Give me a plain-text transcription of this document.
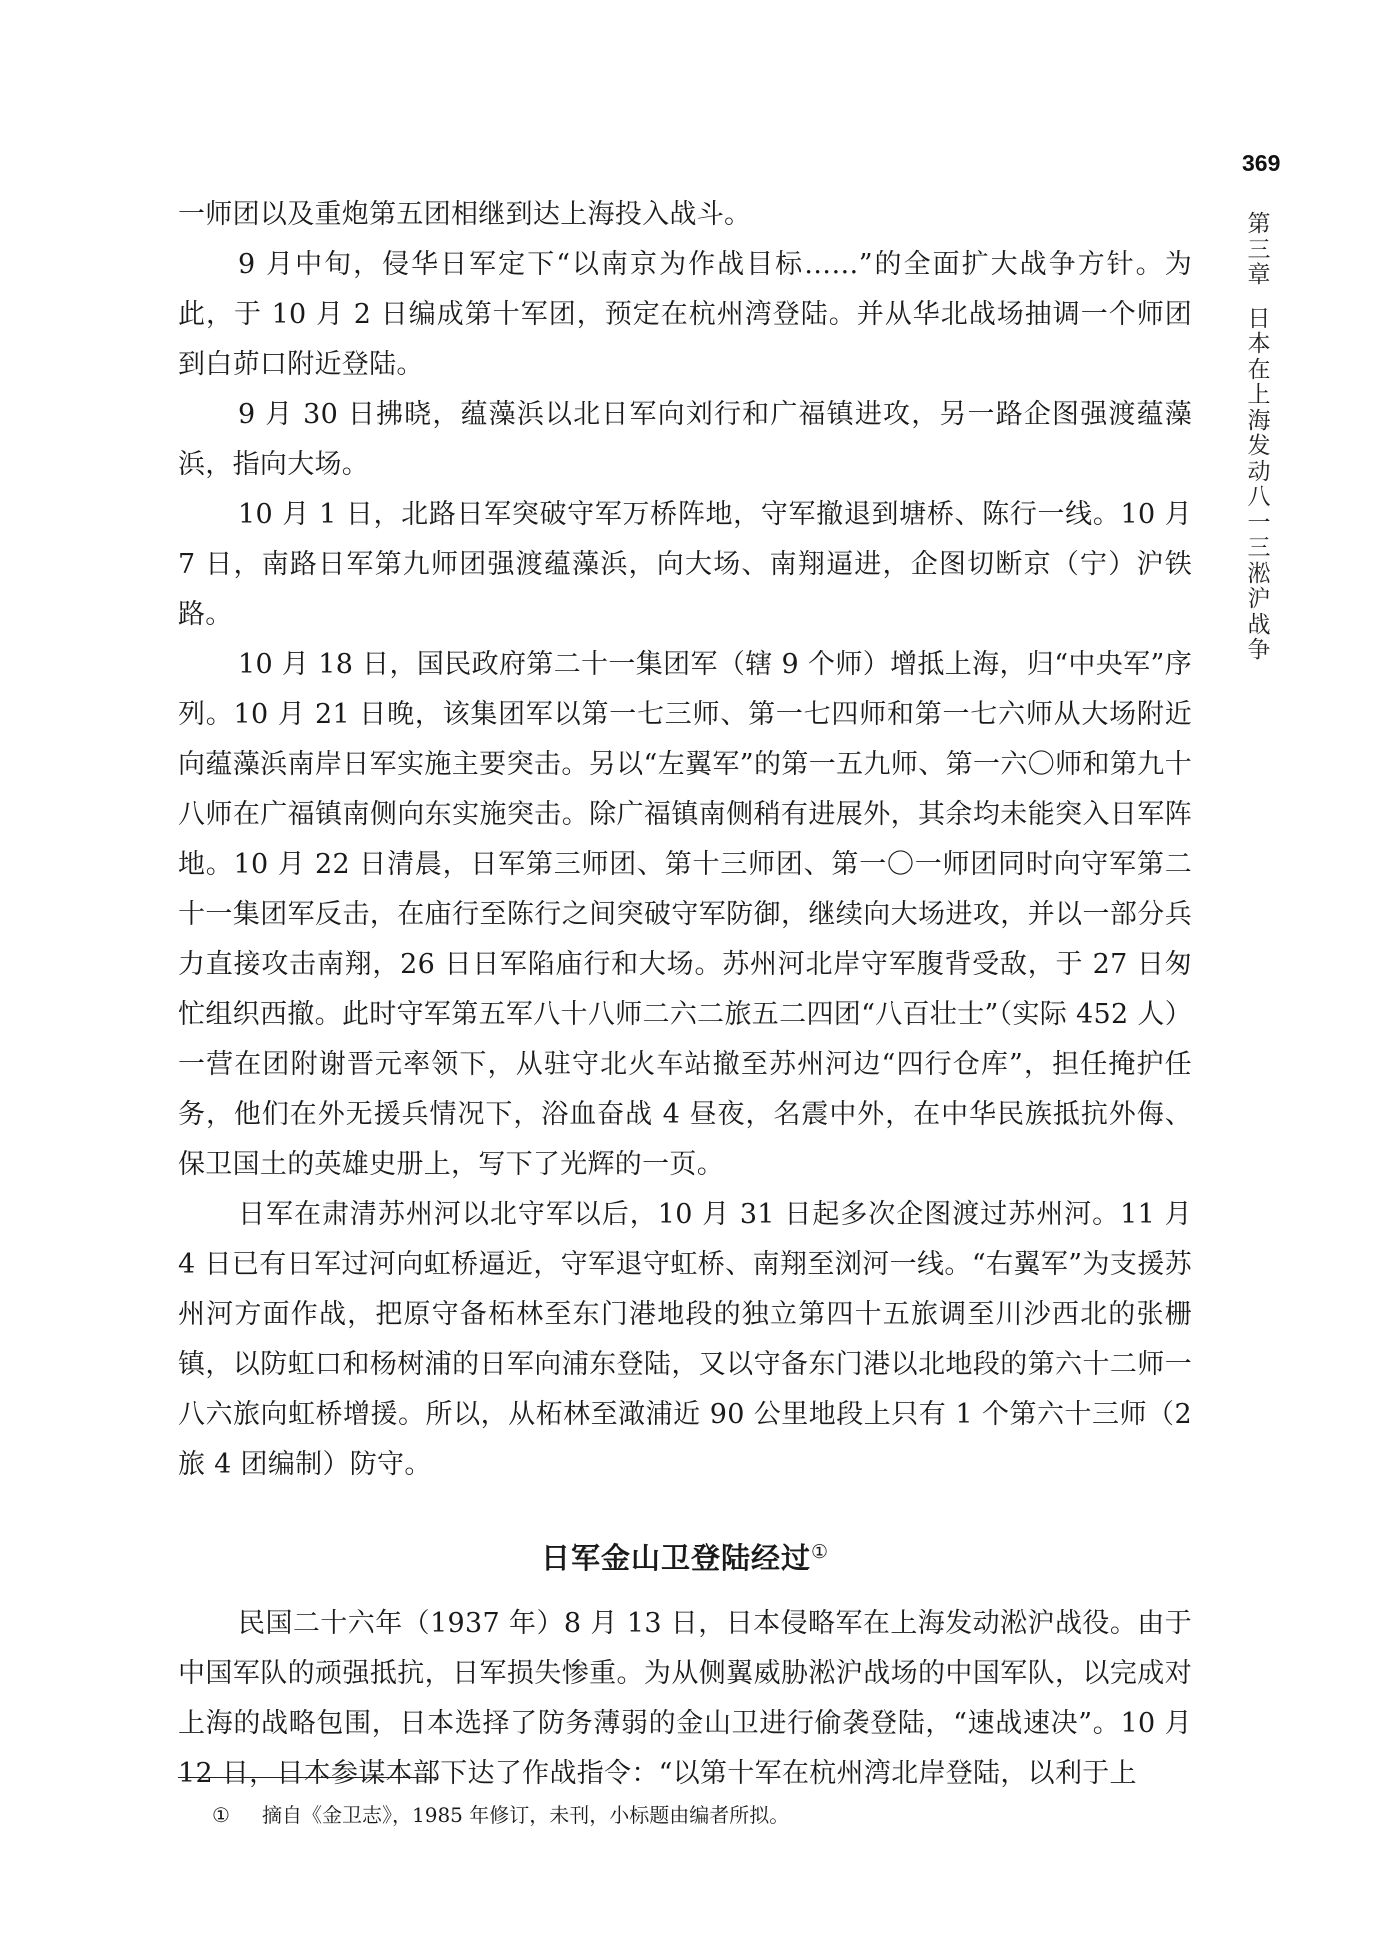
369
第三章
日本在上海发动八一三淞沪战争

一师团以及重炮第五团相继到达上海投入战斗。

9 月中旬，侵华日军定下“以南京为作战目标……”的全面扩大战争方针。为此，于 10 月 2 日编成第十军团，预定在杭州湾登陆。并从华北战场抽调一个师团到白茆口附近登陆。

9 月 30 日拂晓，蕴藻浜以北日军向刘行和广福镇进攻，另一路企图强渡蕴藻浜，指向大场。

10 月 1 日，北路日军突破守军万桥阵地，守军撤退到塘桥、陈行一线。10 月 7 日，南路日军第九师团强渡蕴藻浜，向大场、南翔逼进，企图切断京（宁）沪铁路。

10 月 18 日，国民政府第二十一集团军（辖 9 个师）增抵上海，归“中央军”序列。10 月 21 日晚，该集团军以第一七三师、第一七四师和第一七六师从大场附近向蕴藻浜南岸日军实施主要突击。另以“左翼军”的第一五九师、第一六〇师和第九十八师在广福镇南侧向东实施突击。除广福镇南侧稍有进展外，其余均未能突入日军阵地。10 月 22 日清晨，日军第三师团、第十三师团、第一〇一师团同时向守军第二十一集团军反击，在庙行至陈行之间突破守军防御，继续向大场进攻，并以一部分兵力直接攻击南翔，26 日日军陷庙行和大场。苏州河北岸守军腹背受敌，于 27 日匆忙组织西撤。此时守军第五军八十八师二六二旅五二四团“八百壮士”（实际 452 人）一营在团附谢晋元率领下，从驻守北火车站撤至苏州河边“四行仓库”，担任掩护任务，他们在外无援兵情况下，浴血奋战 4 昼夜，名震中外，在中华民族抵抗外侮、保卫国土的英雄史册上，写下了光辉的一页。

日军在肃清苏州河以北守军以后，10 月 31 日起多次企图渡过苏州河。11 月 4 日已有日军过河向虹桥逼近，守军退守虹桥、南翔至浏河一线。“右翼军”为支援苏州河方面作战，把原守备柘林至东门港地段的独立第四十五旅调至川沙西北的张栅镇，以防虹口和杨树浦的日军向浦东登陆，又以守备东门港以北地段的第六十二师一八六旅向虹桥增援。所以，从柘林至澉浦近 90 公里地段上只有 1 个第六十三师（2 旅 4 团编制）防守。

日军金山卫登陆经过①

民国二十六年（1937 年）8 月 13 日，日本侵略军在上海发动淞沪战役。由于中国军队的顽强抵抗，日军损失惨重。为从侧翼威胁淞沪战场的中国军队，以完成对上海的战略包围，日本选择了防务薄弱的金山卫进行偷袭登陆，“速战速决”。10 月 12 日，日本参谋本部下达了作战指令：“以第十军在杭州湾北岸登陆，以利于上

① 摘自《金卫志》，1985 年修订，未刊，小标题由编者所拟。
